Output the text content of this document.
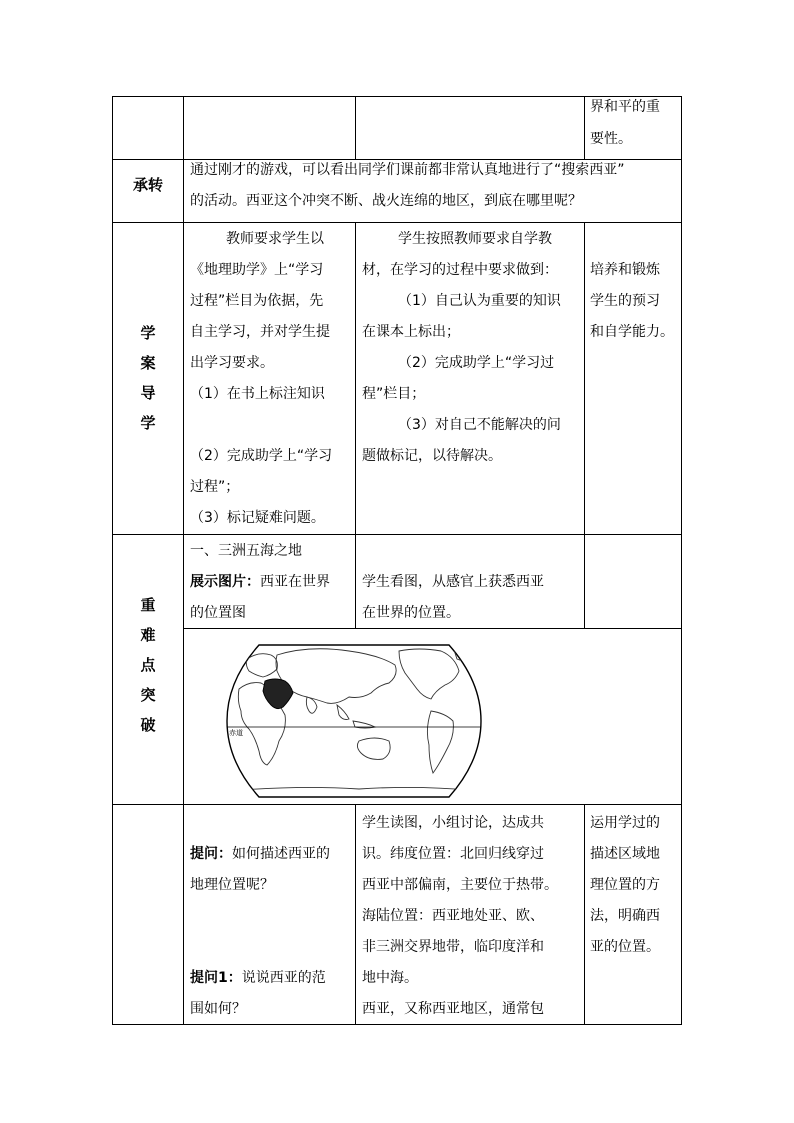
界和平的重
要性。
承转
通过刚才的游戏，可以看出同学们课前都非常认真地进行了“搜索西亚”
的活动。西亚这个冲突不断、战火连绵的地区，到底在哪里呢？
学
案
导
学
教师要求学生以
《地理助学》上“学习
过程”栏目为依据，先
自主学习，并对学生提
出学习要求。
（1）在书上标注知识
（2）完成助学上“学习
过程”；
（3）标记疑难问题。
学生按照教师要求自学教
材，在学习的过程中要求做到：
（1）自己认为重要的知识
在课本上标出；
（2）完成助学上“学习过
程”栏目；
（3）对自己不能解决的问
题做标记，以待解决。
培养和锻炼
学生的预习
和自学能力。
重
难
点
突
破
一、三洲五海之地
展示图片：西亚在世界
的位置图
学生看图，从感官上获悉西亚
在世界的位置。
赤道
提问：如何描述西亚的
地理位置呢？
提问1：说说西亚的范
围如何？
学生读图，小组讨论，达成共
识。纬度位置：北回归线穿过
西亚中部偏南，主要位于热带。
海陆位置：西亚地处亚、欧、
非三洲交界地带，临印度洋和
地中海。
西亚，又称西亚地区，通常包
运用学过的
描述区域地
理位置的方
法，明确西
亚的位置。
